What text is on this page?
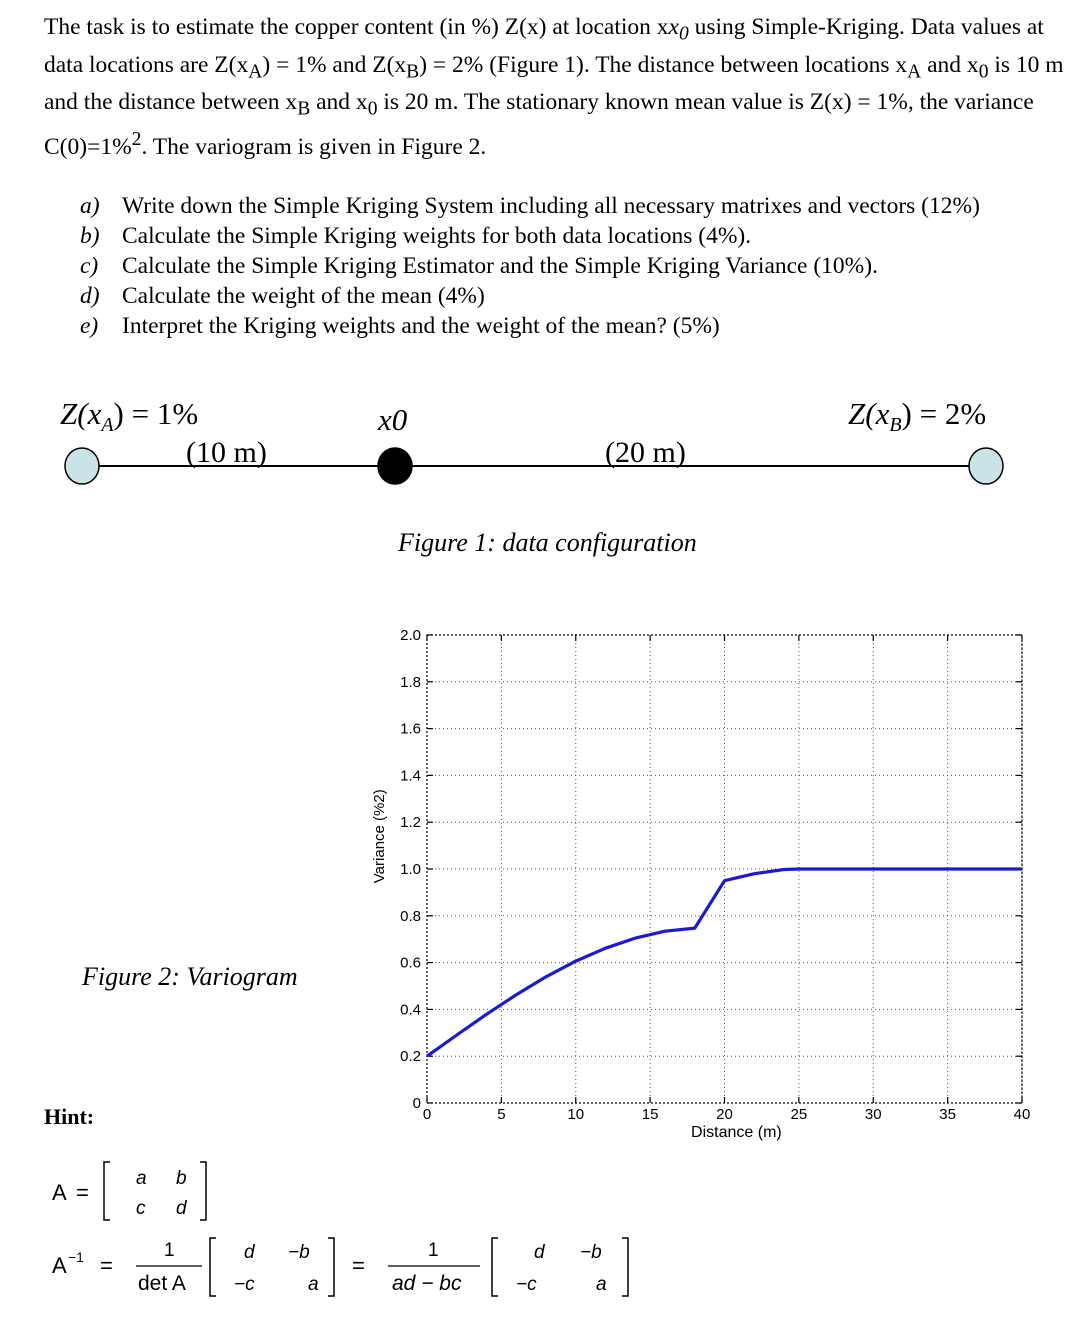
The task is to estimate the copper content (in %) Z(x) at location $xx_0$ using Simple-Kriging. Data values at data locations are $Z(x_A) = 1\%$ and $Z(x_B) = 2\%$ (Figure 1). The distance between locations $x_A$ and $x_0$ is 10 m and the distance between $x_B$ and $x_0$ is 20 m. The stationary known mean value is Z(x) = 1%, the variance C(0)=1%$^2$. The variogram is given in Figure 2.
a) Write down the Simple Kriging System including all necessary matrixes and vectors (12%)
b) Calculate the Simple Kriging weights for both data locations (4%).
c) Calculate the Simple Kriging Estimator and the Simple Kriging Variance (10%).
d) Calculate the weight of the mean (4%)
e) Interpret the Kriging weights and the weight of the mean? (5%)
$Z(x_A) = 1\%$	x0	$Z(x_B) = 2\%$
(10 m)	(20 m)
Figure 1: data configuration
Figure 2: Variogram
0	5	10	15	20	25	30	35	40
0
0.2
0.4
0.6
0.8
1.0
1.2
1.4
1.6
1.8
2.0
Distance (m)
Variance (%2)
Hint:
A =
a b
c d
A −1 =
1
det A
d −b
−c	a
=
1
ad − bc
d −b
−c	a
